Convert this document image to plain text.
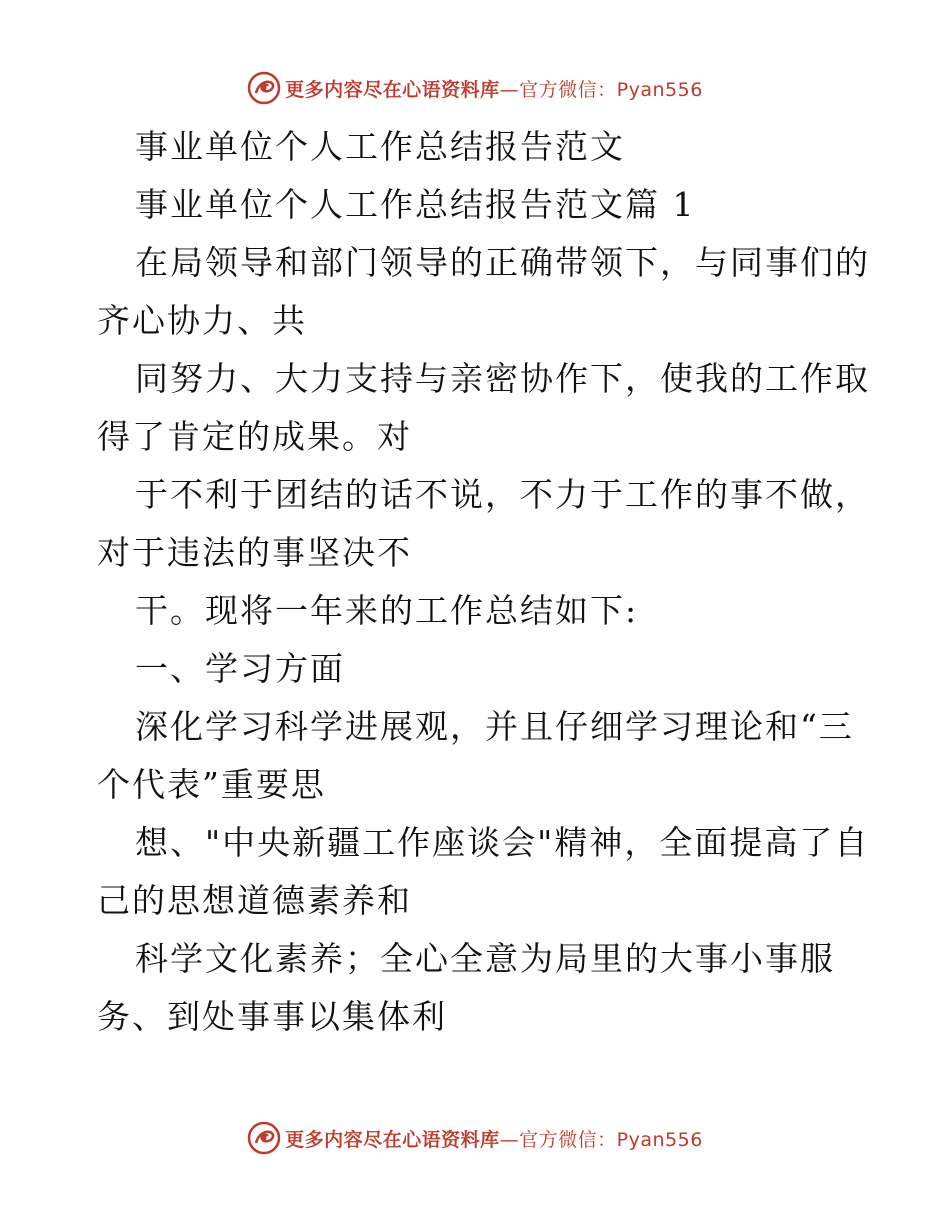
更多内容尽在心语资料库 —官方微信：Pyan556
事业单位个人工作总结报告范文
事业单位个人工作总结报告范文篇 1
在局领导和部门领导的正确带领下，与同事们的
齐心协力、共
同努力、大力支持与亲密协作下，使我的工作取
得了肯定的成果。对
于不利于团结的话不说，不力于工作的事不做，
对于违法的事坚决不
干。现将一年来的工作总结如下:
一、学习方面
深化学习科学进展观，并且仔细学习理论和“三
个代表”重要思
想、"中央新疆工作座谈会"精神，全面提高了自
己的思想道德素养和
科学文化素养；全心全意为局里的大事小事服
务、到处事事以集体利
更多内容尽在心语资料库 —官方微信：Pyan556
